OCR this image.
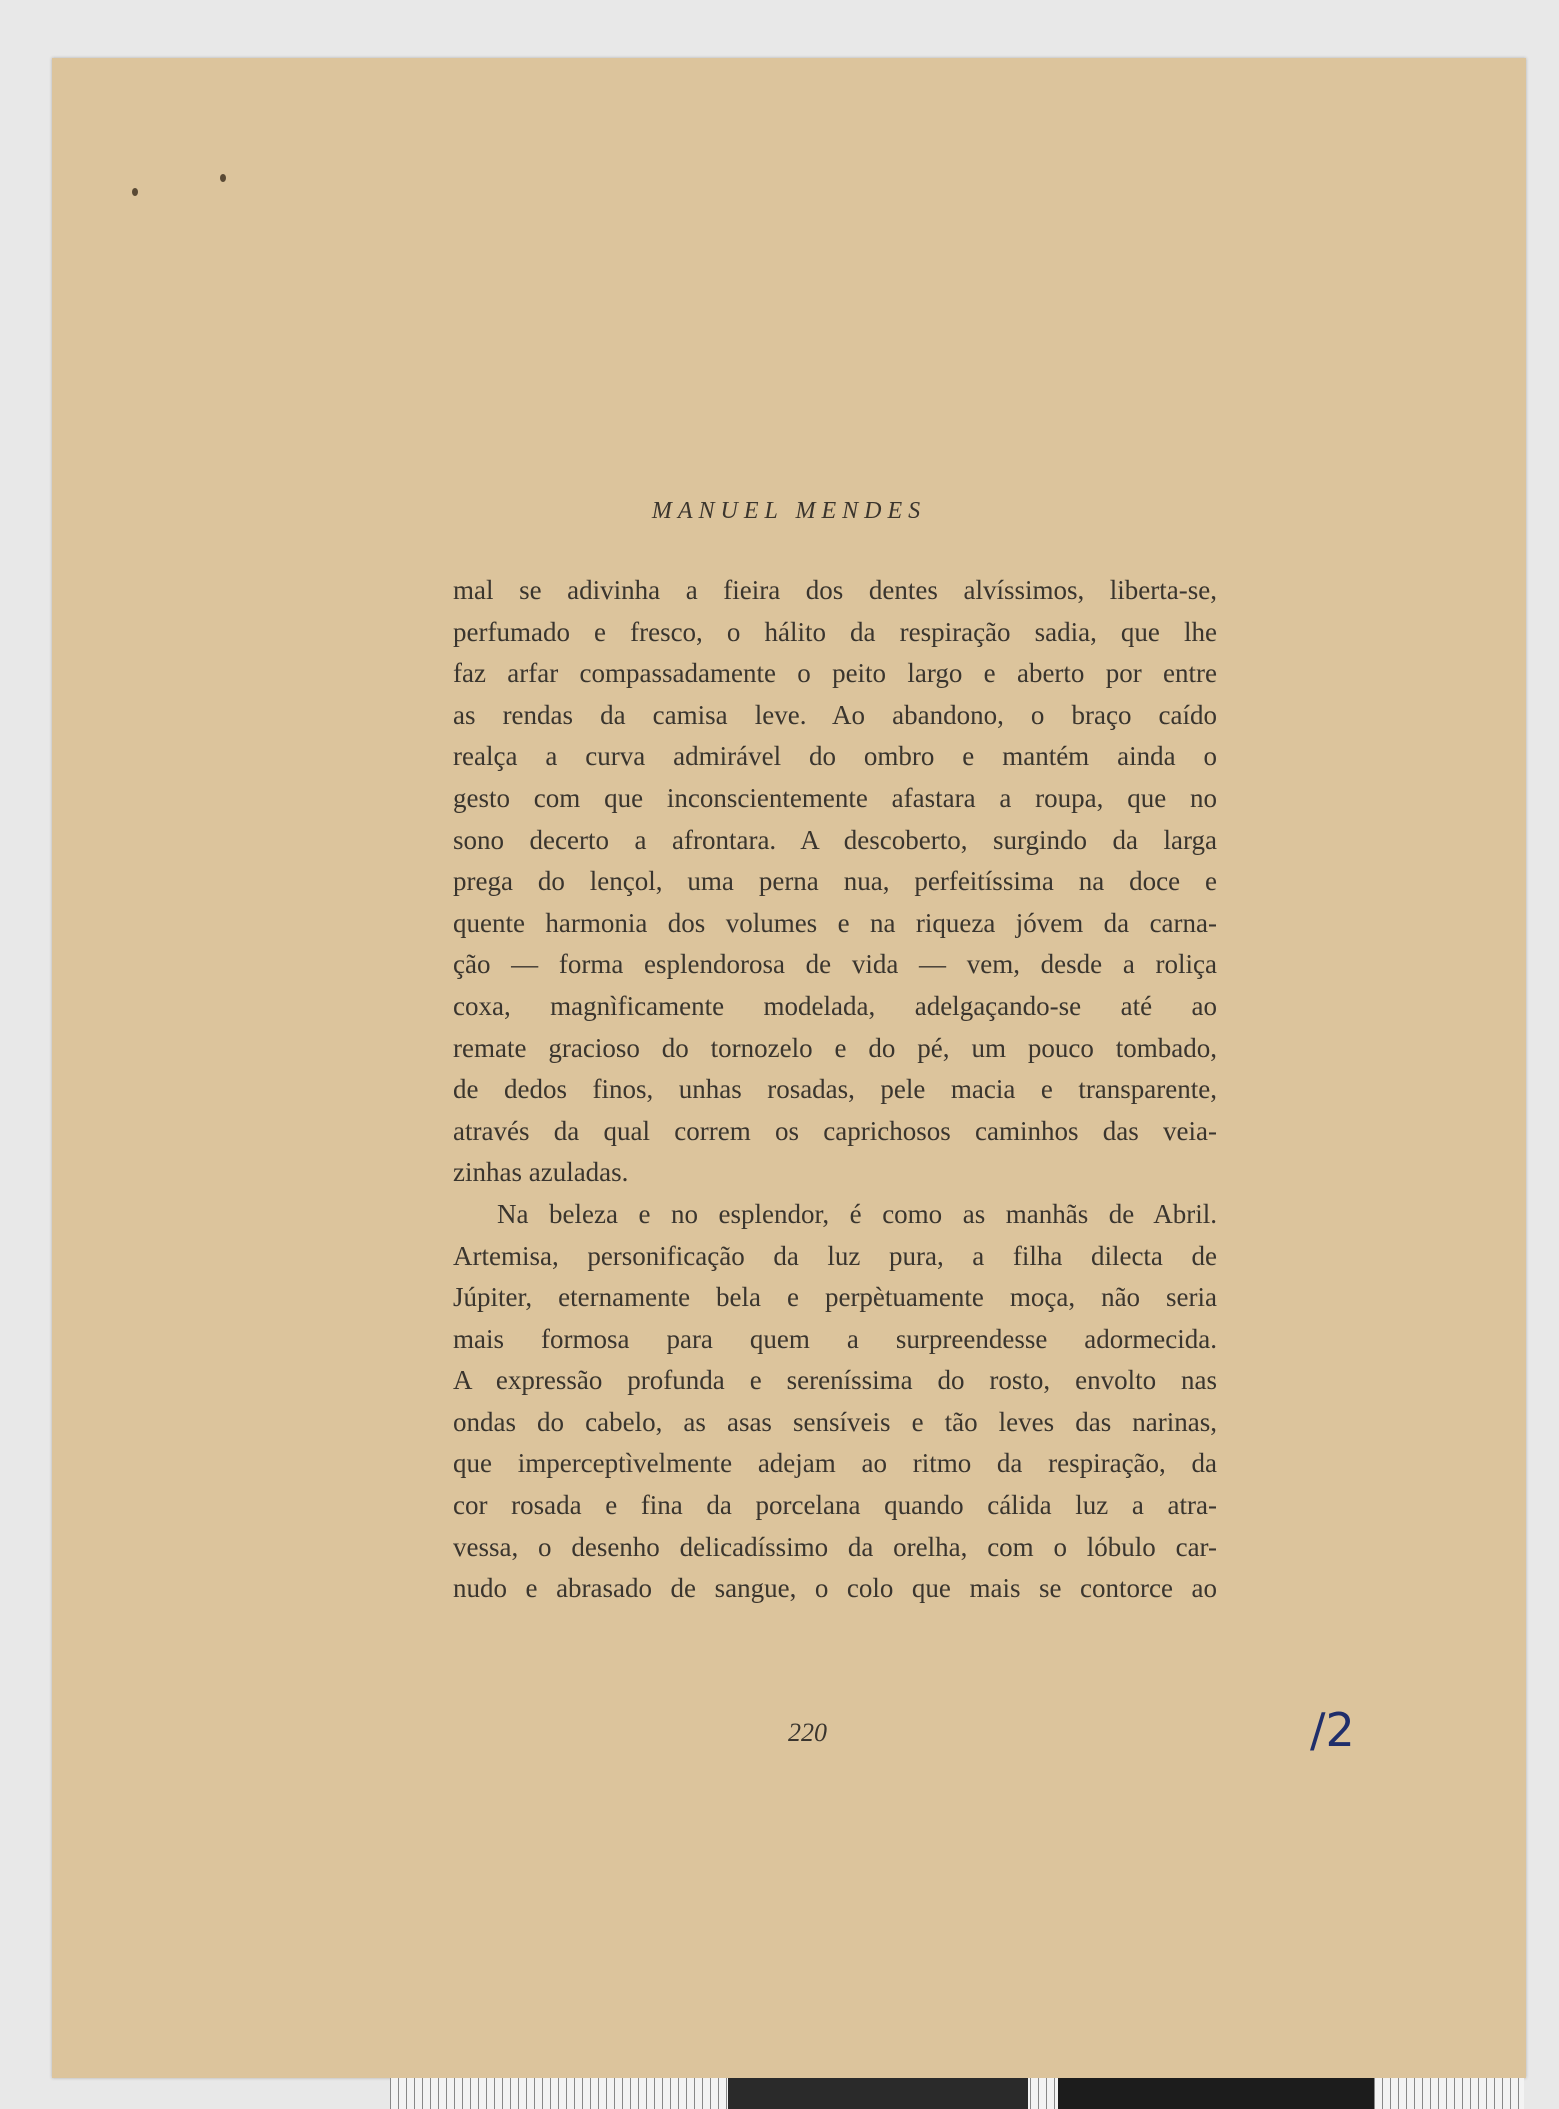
MANUEL MENDES

mal se adivinha a fieira dos dentes alvíssimos, liberta-se,
perfumado e fresco, o hálito da respiração sadia, que lhe
faz arfar compassadamente o peito largo e aberto por entre
as rendas da camisa leve. Ao abandono, o braço caído
realça a curva admirável do ombro e mantém ainda o
gesto com que inconscientemente afastara a roupa, que no
sono decerto a afrontara. A descoberto, surgindo da larga
prega do lençol, uma perna nua, perfeitíssima na doce e
quente harmonia dos volumes e na riqueza jóvem da carna-
ção — forma esplendorosa de vida — vem, desde a roliça
coxa, magnìficamente modelada, adelgaçando-se até ao
remate gracioso do tornozelo e do pé, um pouco tombado,
de dedos finos, unhas rosadas, pele macia e transparente,
através da qual correm os caprichosos caminhos das veia-
zinhas azuladas.

Na beleza e no esplendor, é como as manhãs de Abril.
Artemisa, personificação da luz pura, a filha dilecta de
Júpiter, eternamente bela e perpètuamente moça, não seria
mais formosa para quem a surpreendesse adormecida.
A expressão profunda e sereníssima do rosto, envolto nas
ondas do cabelo, as asas sensíveis e tão leves das narinas,
que imperceptìvelmente adejam ao ritmo da respiração, da
cor rosada e fina da porcelana quando cálida luz a atra-
vessa, o desenho delicadíssimo da orelha, com o lóbulo car-
nudo e abrasado de sangue, o colo que mais se contorce ao

220	/2
